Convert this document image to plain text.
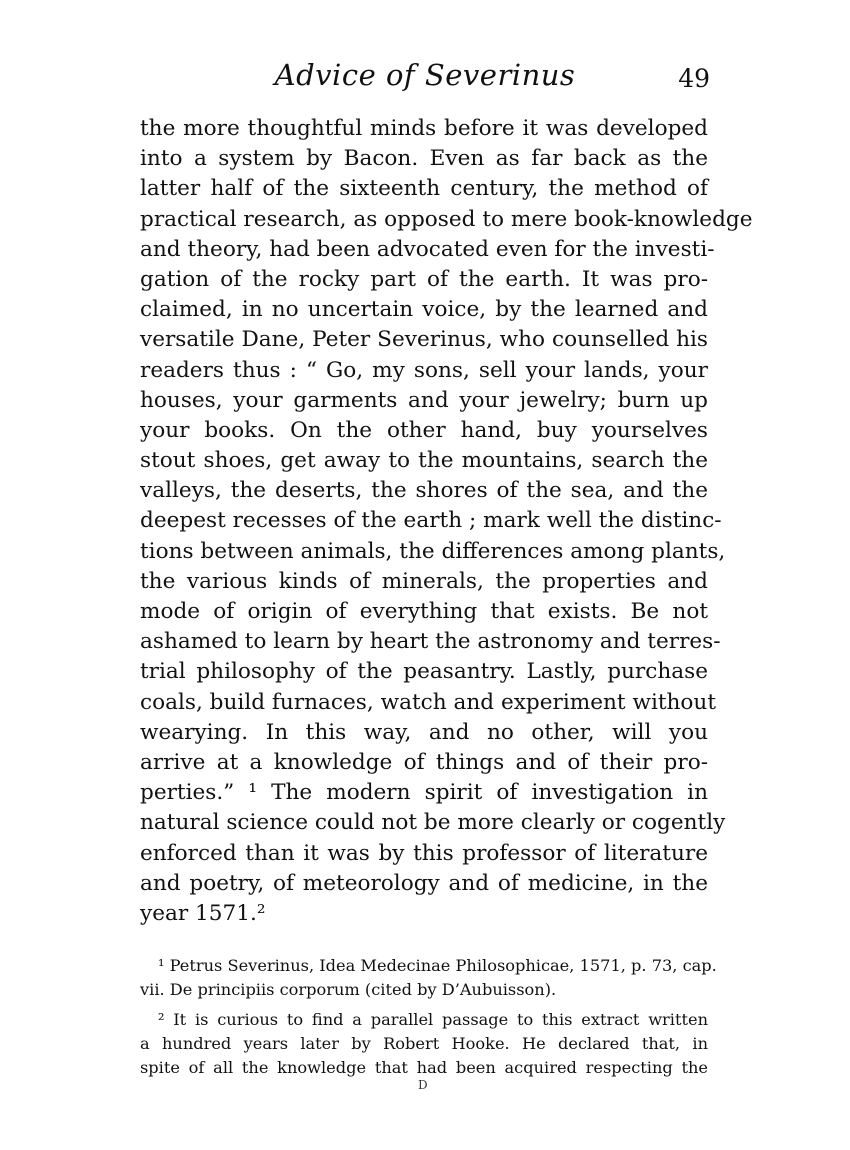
Advice of Severinus	49
the more thoughtful minds before it was developed
into a system by Bacon. Even as far back as the
latter half of the sixteenth century, the method of
practical research, as opposed to mere book-knowledge
and theory, had been advocated even for the investi-
gation of the rocky part of the earth. It was pro-
claimed, in no uncertain voice, by the learned and
versatile Dane, Peter Severinus, who counselled his
readers thus : “ Go, my sons, sell your lands, your
houses, your garments and your jewelry; burn up
your books. On the other hand, buy yourselves
stout shoes, get away to the mountains, search the
valleys, the deserts, the shores of the sea, and the
deepest recesses of the earth ; mark well the distinc-
tions between animals, the differences among plants,
the various kinds of minerals, the properties and
mode of origin of everything that exists. Be not
ashamed to learn by heart the astronomy and terres-
trial philosophy of the peasantry. Lastly, purchase
coals, build furnaces, watch and experiment without
wearying. In this way, and no other, will you
arrive at a knowledge of things and of their pro-
perties.” ¹ The modern spirit of investigation in
natural science could not be more clearly or cogently
enforced than it was by this professor of literature
and poetry, of meteorology and of medicine, in the
year 1571.²
¹ Petrus Severinus, Idea Medecinae Philosophicae, 1571, p. 73, cap.
vii. De principiis corporum (cited by D’Aubuisson).
² It is curious to find a parallel passage to this extract written
a hundred years later by Robert Hooke. He declared that, in
spite of all the knowledge that had been acquired respecting the
D
